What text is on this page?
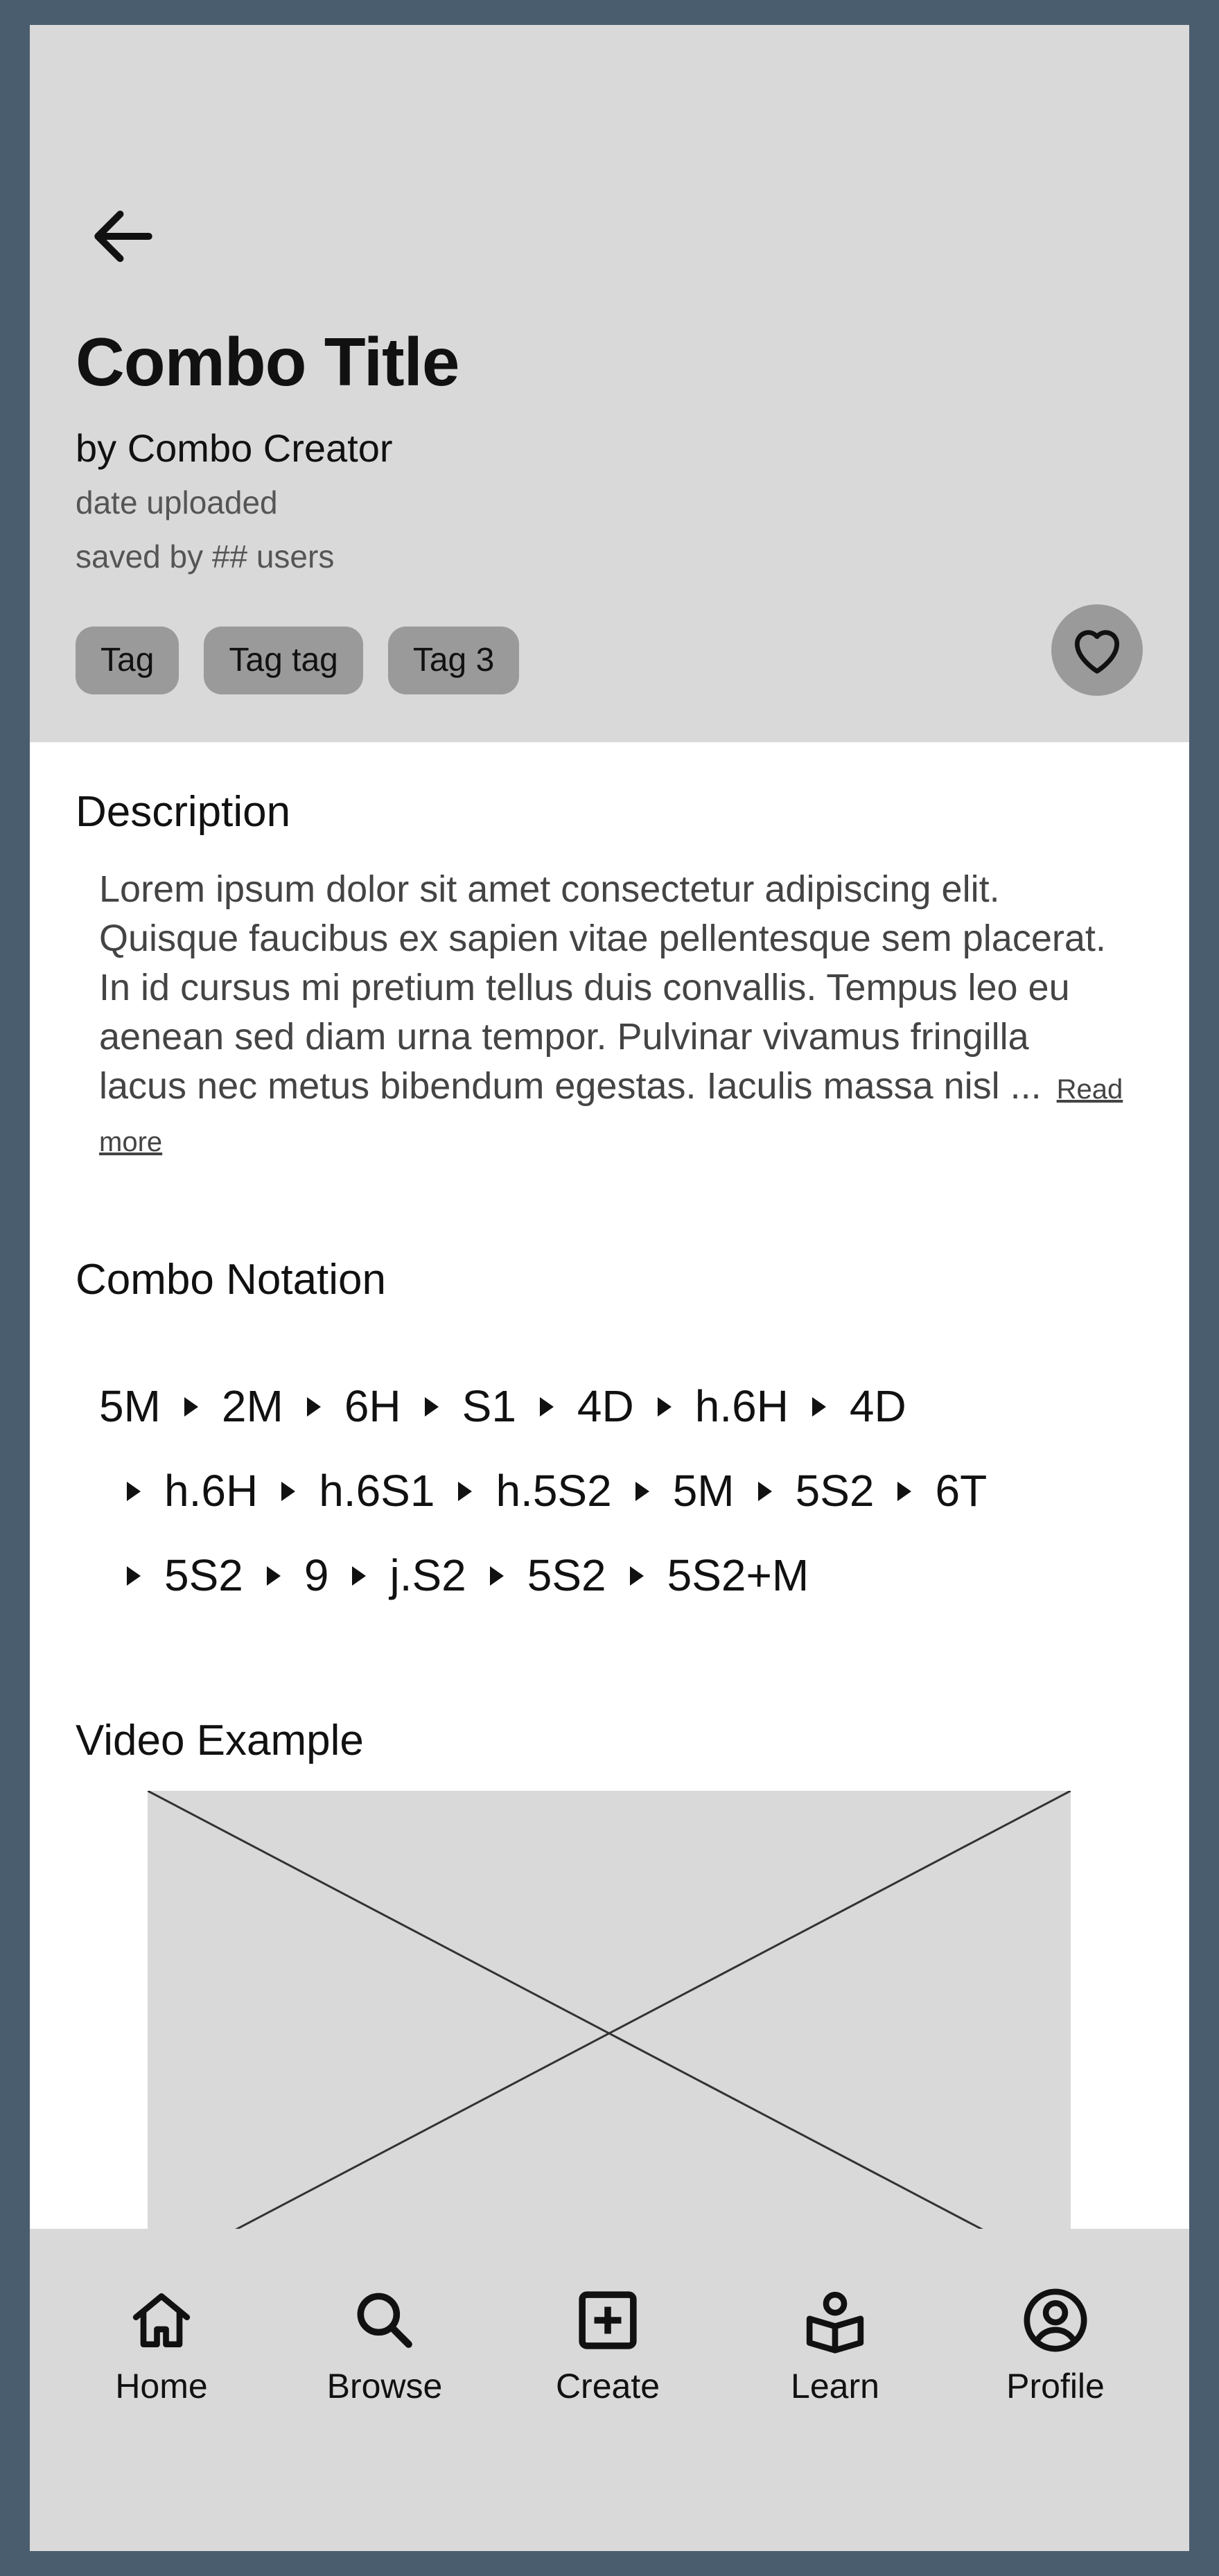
Combo Title
by Combo Creator
date uploaded
saved by ## users
Tag	Tag tag	Tag 3
Description
Lorem ipsum dolor sit amet consectetur adipiscing elit. Quisque faucibus ex sapien vitae pellentesque sem placerat. In id cursus mi pretium tellus duis convallis. Tempus leo eu aenean sed diam urna tempor. Pulvinar vivamus fringilla lacus nec metus bibendum egestas. Iaculis massa nisl ... Read more
Combo Notation
5M 2M 6H S1 4D h.6H 4D
h.6H h.6S1 h.5S2 5M 5S2 6T
5S2 9 j.S2 5S2 5S2+M
Video Example
Home	Browse	Create	Learn	Profile
